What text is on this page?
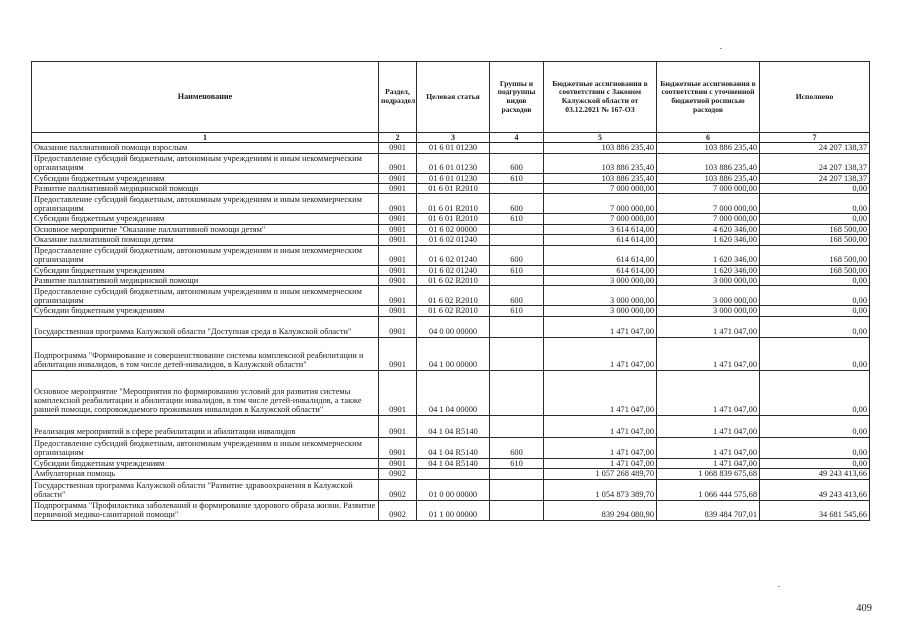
Наименование	Раздел, подраздел	Целевая статья	Группы и подгруппы видов расходов	Бюджетные ассигнования в соответствии с Законом Калужской области от 03.12.2021 № 167-ОЗ	Бюджетные ассигнования в соответствии с уточненной бюджетной росписью расходов	Исполнено
1	2	3	4	5	6	7
Оказание паллиативной помощи взрослым	0901	01 6 01 01230		103 886 235,40	103 886 235,40	24 207 138,37
Предоставление субсидий бюджетным, автономным учреждениям и иным некоммерческим организациям	0901	01 6 01 01230	600	103 886 235,40	103 886 235,40	24 207 138,37
Субсидии бюджетным учреждениям	0901	01 6 01 01230	610	103 886 235,40	103 886 235,40	24 207 138,37
Развитие паллиативной медицинской помощи	0901	01 6 01 R2010		7 000 000,00	7 000 000,00	0,00
Предоставление субсидий бюджетным, автономным учреждениям и иным некоммерческим организациям	0901	01 6 01 R2010	600	7 000 000,00	7 000 000,00	0,00
Субсидии бюджетным учреждениям	0901	01 6 01 R2010	610	7 000 000,00	7 000 000,00	0,00
Основное мероприятие "Оказание паллиативной помощи детям"	0901	01 6 02 00000		3 614 614,00	4 620 346,00	168 500,00
Оказание паллиативной помощи детям	0901	01 6 02 01240		614 614,00	1 620 346,00	168 500,00
Предоставление субсидий бюджетным, автономным учреждениям и иным некоммерческим организациям	0901	01 6 02 01240	600	614 614,00	1 620 346,00	168 500,00
Субсидии бюджетным учреждениям	0901	01 6 02 01240	610	614 614,00	1 620 346,00	168 500,00
Развитие паллиативной медицинской помощи	0901	01 6 02 R2010		3 000 000,00	3 000 000,00	0,00
Предоставление субсидий бюджетным, автономным учреждениям и иным некоммерческим организациям	0901	01 6 02 R2010	600	3 000 000,00	3 000 000,00	0,00
Субсидии бюджетным учреждениям	0901	01 6 02 R2010	610	3 000 000,00	3 000 000,00	0,00
Государственная программа Калужской области "Доступная среда в Калужской области"	0901	04 0 00 00000		1 471 047,00	1 471 047,00	0,00
Подпрограмма "Формирование и совершенствование системы комплексной реабилитации и абилитации инвалидов, в том числе детей-инвалидов, в Калужской области"	0901	04 1 00 00000		1 471 047,00	1 471 047,00	0,00
Основное мероприятие "Мероприятия по формированию условий для развития системы комплексной реабилитации и абилитации инвалидов, в том числе детей-инвалидов, а также ранней помощи, сопровождаемого проживания инвалидов в Калужской области"	0901	04 1 04 00000		1 471 047,00	1 471 047,00	0,00
Реализация мероприятий в сфере реабилитации и абилитации инвалидов	0901	04 1 04 R5140		1 471 047,00	1 471 047,00	0,00
Предоставление субсидий бюджетным, автономным учреждениям и иным некоммерческим организациям	0901	04 1 04 R5140	600	1 471 047,00	1 471 047,00	0,00
Субсидии бюджетным учреждениям	0901	04 1 04 R5140	610	1 471 047,00	1 471 047,00	0,00
Амбулаторная помощь	0902			1 057 268 489,70	1 068 839 675,68	49 243 413,66
Государственная программа Калужской области "Развитие здравоохранения в Калужской области"	0902	01 0 00 00000		1 054 873 389,70	1 066 444 575,68	49 243 413,66
Подпрограмма "Профилактика заболеваний и формирование здорового образа жизни. Развитие первичной медико-санитарной помощи"	0902	01 1 00 00000		839 294 080,90	839 484 707,01	34 681 545,66
409
